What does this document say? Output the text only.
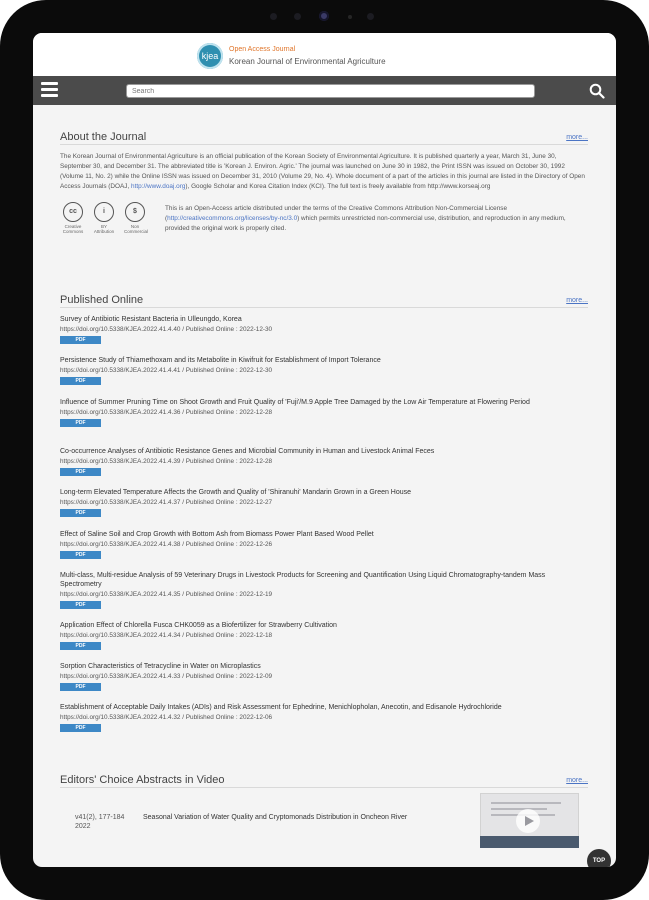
kjea
Open Access Journal
Korean Journal of Environmental Agriculture
Search
About the Journal	more...
The Korean Journal of Environmental Agriculture is an official publication of the Korean Society of Environmental Agriculture. It is published quarterly a year, March 31, June 30, September 30, and December 31. The abbreviated title is 'Korean J. Environ. Agric.' The journal was launched on June 30 in 1982, the Print ISSN was issued on October 30, 1992 (Volume 11, No. 2) while the Online ISSN was issued on December 31, 2010 (Volume 29, No. 4). Whole document of a part of the articles in this journal are listed in the Directory of Open Access Journals (DOAJ, http://www.doaj.org), Google Scholar and Korea Citation Index (KCI). The full text is freely available from http://www.korseaj.org
cc
Creative Commons
i
BY Attribution
$
Non Commercial
This is an Open-Access article distributed under the terms of the Creative Commons Attribution Non-Commercial License (http://creativecommons.org/licenses/by-nc/3.0) which permits unrestricted non-commercial use, distribution, and reproduction in any medium, provided the original work is properly cited.
Published Online	more...
Survey of Antibiotic Resistant Bacteria in Ulleungdo, Korea
https://doi.org/10.5338/KJEA.2022.41.4.40 / Published Online : 2022-12-30
PDF
Persistence Study of Thiamethoxam and its Metabolite in Kiwifruit for Establishment of Import Tolerance
https://doi.org/10.5338/KJEA.2022.41.4.41 / Published Online : 2022-12-30
PDF
Influence of Summer Pruning Time on Shoot Growth and Fruit Quality of 'Fuji'/M.9 Apple Tree Damaged by the Low Air Temperature at Flowering Period
https://doi.org/10.5338/KJEA.2022.41.4.36 / Published Online : 2022-12-28
PDF
Co-occurrence Analyses of Antibiotic Resistance Genes and Microbial Community in Human and Livestock Animal Feces
https://doi.org/10.5338/KJEA.2022.41.4.39 / Published Online : 2022-12-28
PDF
Long-term Elevated Temperature Affects the Growth and Quality of 'Shiranuhi' Mandarin Grown in a Green House
https://doi.org/10.5338/KJEA.2022.41.4.37 / Published Online : 2022-12-27
PDF
Effect of Saline Soil and Crop Growth with Bottom Ash from Biomass Power Plant Based Wood Pellet
https://doi.org/10.5338/KJEA.2022.41.4.38 / Published Online : 2022-12-26
PDF
Multi-class, Multi-residue Analysis of 59 Veterinary Drugs in Livestock Products for Screening and Quantification Using Liquid Chromatography-tandem Mass Spectrometry
https://doi.org/10.5338/KJEA.2022.41.4.35 / Published Online : 2022-12-19
PDF
Application Effect of Chlorella Fusca CHK0059 as a Biofertilizer for Strawberry Cultivation
https://doi.org/10.5338/KJEA.2022.41.4.34 / Published Online : 2022-12-18
PDF
Sorption Characteristics of Tetracycline in Water on Microplastics
https://doi.org/10.5338/KJEA.2022.41.4.33 / Published Online : 2022-12-09
PDF
Establishment of Acceptable Daily Intakes (ADIs) and Risk Assessment for Ephedrine, Menichlopholan, Anecotin, and Edisanole Hydrochloride
https://doi.org/10.5338/KJEA.2022.41.4.32 / Published Online : 2022-12-06
PDF
Editors' Choice Abstracts in Video	more...
v41(2), 177-184 2022
Seasonal Variation of Water Quality and Cryptomonads Distribution in Oncheon River
TOP
